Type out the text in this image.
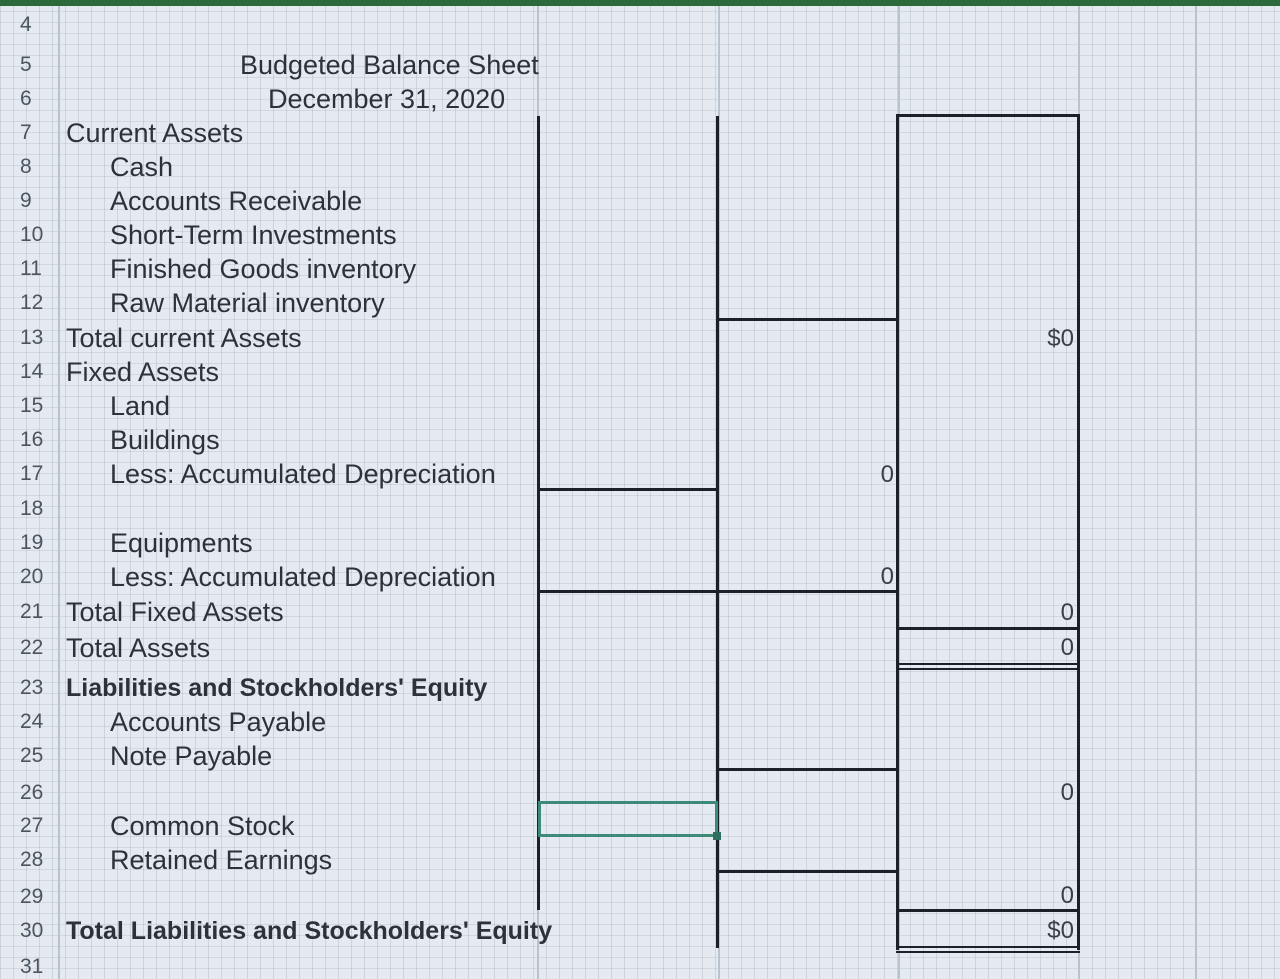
4
5
6
7
8
9
10
11
12
13
14
15
16
17
18
19
20
21
22
23
24
25
26
27
28
29
30
31
Budgeted Balance Sheet
December 31, 2020
Current Assets
Cash
Accounts Receivable
Short-Term Investments
Finished Goods inventory
Raw Material inventory
Total current Assets
Fixed Assets
Land
Buildings
Less: Accumulated Depreciation
Equipments
Less: Accumulated Depreciation
Total Fixed Assets
Total Assets
Liabilities and Stockholders' Equity
Accounts Payable
Note Payable
Common Stock
Retained Earnings
Total Liabilities and Stockholders' Equity
$0
0
0
0
0
0
0
$0
